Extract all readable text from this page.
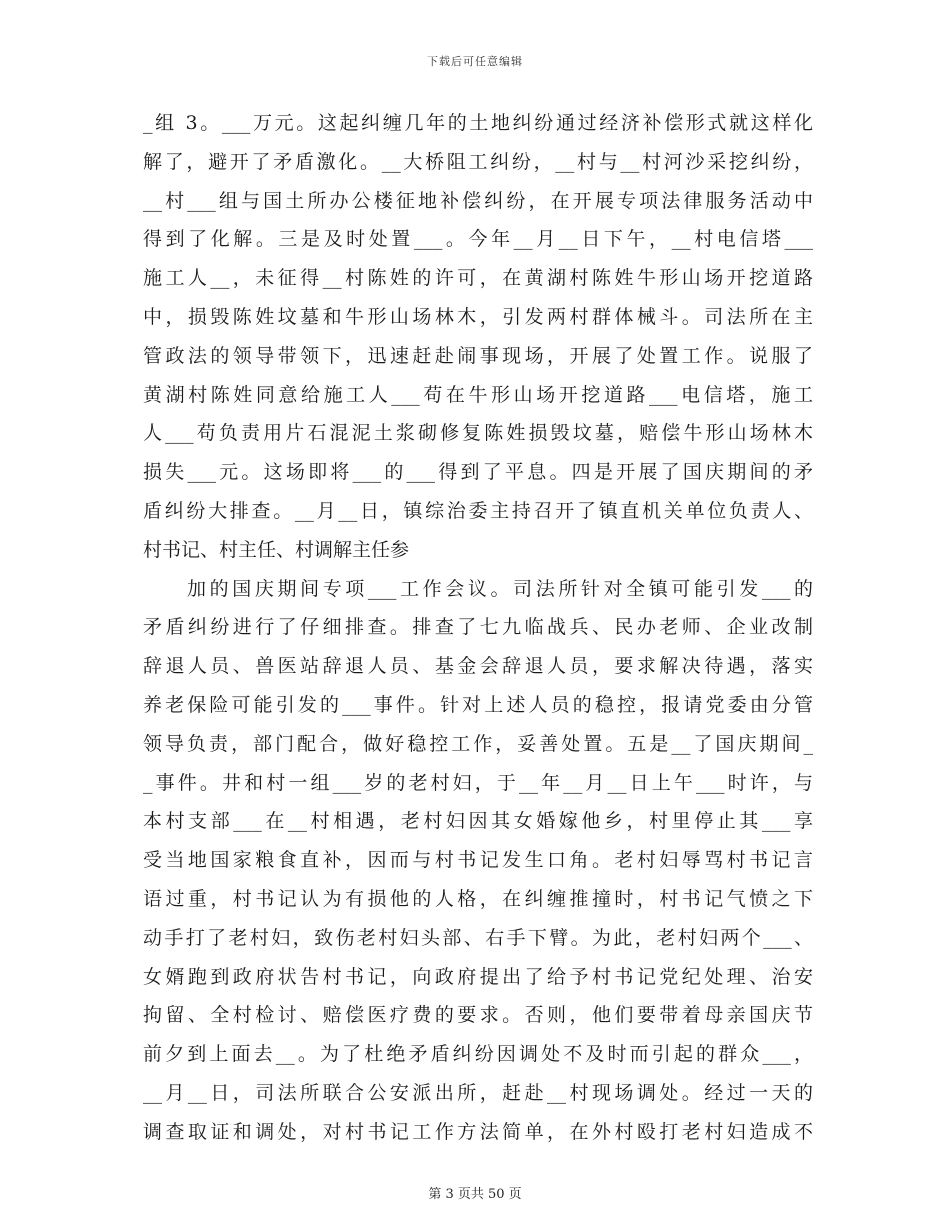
下载后可任意编辑
_组 3。___万元。这起纠缠几年的土地纠纷通过经济补偿形式就这样化
解了，避开了矛盾激化。__大桥阻工纠纷，__村与__村河沙采挖纠纷，
__村___组与国土所办公楼征地补偿纠纷，在开展专项法律服务活动中
得到了化解。三是及时处置___。今年__月__日下午，__村电信塔___
施工人__，未征得__村陈姓的许可，在黄湖村陈姓牛形山场开挖道路
中，损毁陈姓坟墓和牛形山场林木，引发两村群体械斗。司法所在主
管政法的领导带领下，迅速赶赴闹事现场，开展了处置工作。说服了
黄湖村陈姓同意给施工人___苟在牛形山场开挖道路___电信塔，施工
人___苟负责用片石混泥土浆砌修复陈姓损毁坟墓，赔偿牛形山场林木
损失___元。这场即将___的___得到了平息。四是开展了国庆期间的矛
盾纠纷大排查。__月__日，镇综治委主持召开了镇直机关单位负责人、
村书记、村主任、村调解主任参
加的国庆期间专项___工作会议。司法所针对全镇可能引发___的
矛盾纠纷进行了仔细排查。排查了七九临战兵、民办老师、企业改制
辞退人员、兽医站辞退人员、基金会辞退人员，要求解决待遇，落实
养老保险可能引发的___事件。针对上述人员的稳控，报请党委由分管
领导负责，部门配合，做好稳控工作，妥善处置。五是__了国庆期间_
_事件。井和村一组___岁的老村妇，于__年__月__日上午___时许，与
本村支部___在__村相遇，老村妇因其女婚嫁他乡，村里停止其___享
受当地国家粮食直补，因而与村书记发生口角。老村妇辱骂村书记言
语过重，村书记认为有损他的人格，在纠缠推撞时，村书记气愤之下
动手打了老村妇，致伤老村妇头部、右手下臂。为此，老村妇两个___、
女婿跑到政府状告村书记，向政府提出了给予村书记党纪处理、治安
拘留、全村检讨、赔偿医疗费的要求。否则，他们要带着母亲国庆节
前夕到上面去__。为了杜绝矛盾纠纷因调处不及时而引起的群众___，
__月__日，司法所联合公安派出所，赶赴__村现场调处。经过一天的
调查取证和调处，对村书记工作方法简单，在外村殴打老村妇造成不
第 3 页共 50 页
